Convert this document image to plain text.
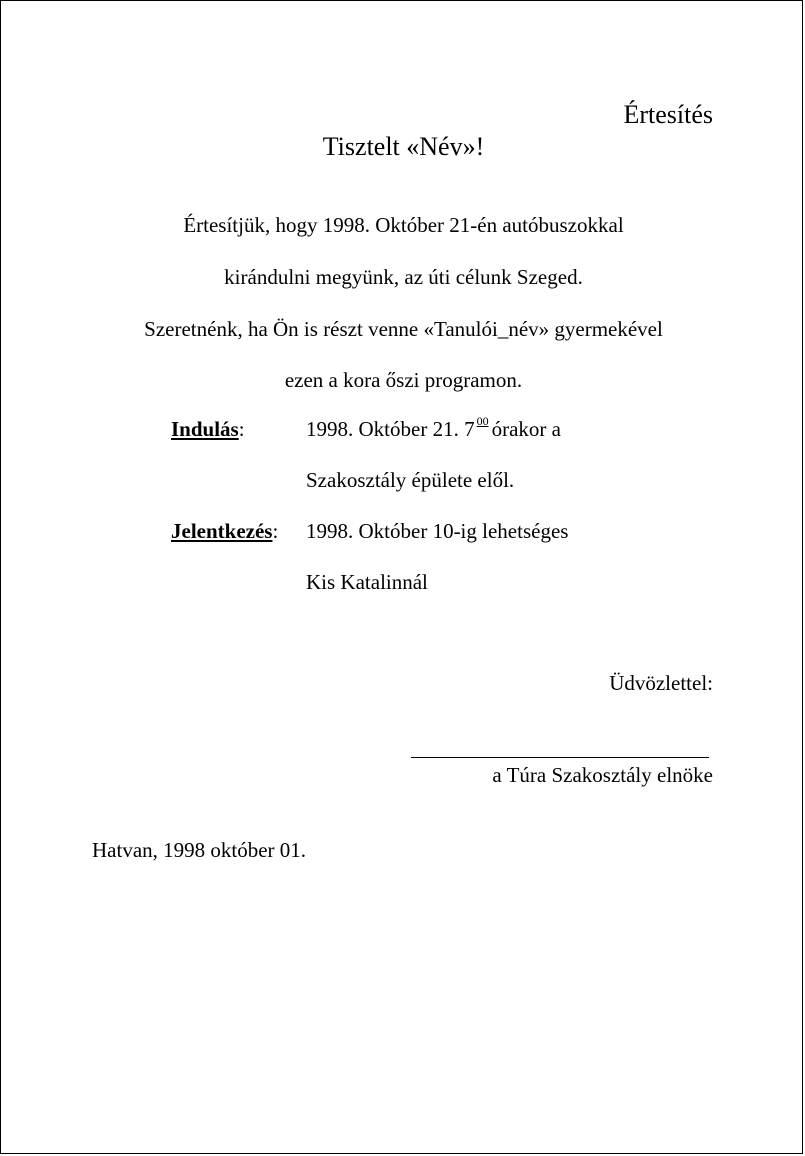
Értesítés
Tisztelt «Név»!
Értesítjük, hogy 1998. Október 21-én autóbuszokkal
kirándulni megyünk, az úti célunk Szeged.
Szeretnénk, ha Ön is részt venne «Tanulói_név» gyermekével
ezen a kora őszi programon.
Indulás:	1998. Október 21. 7 $^{00}$ órakor a
Szakosztály épülete elől.
Jelentkezés: 1998. Október 10-ig lehetséges
Kis Katalinnál
Üdvözlettel:
a Túra Szakosztály elnöke
Hatvan, 1998 október 01.
